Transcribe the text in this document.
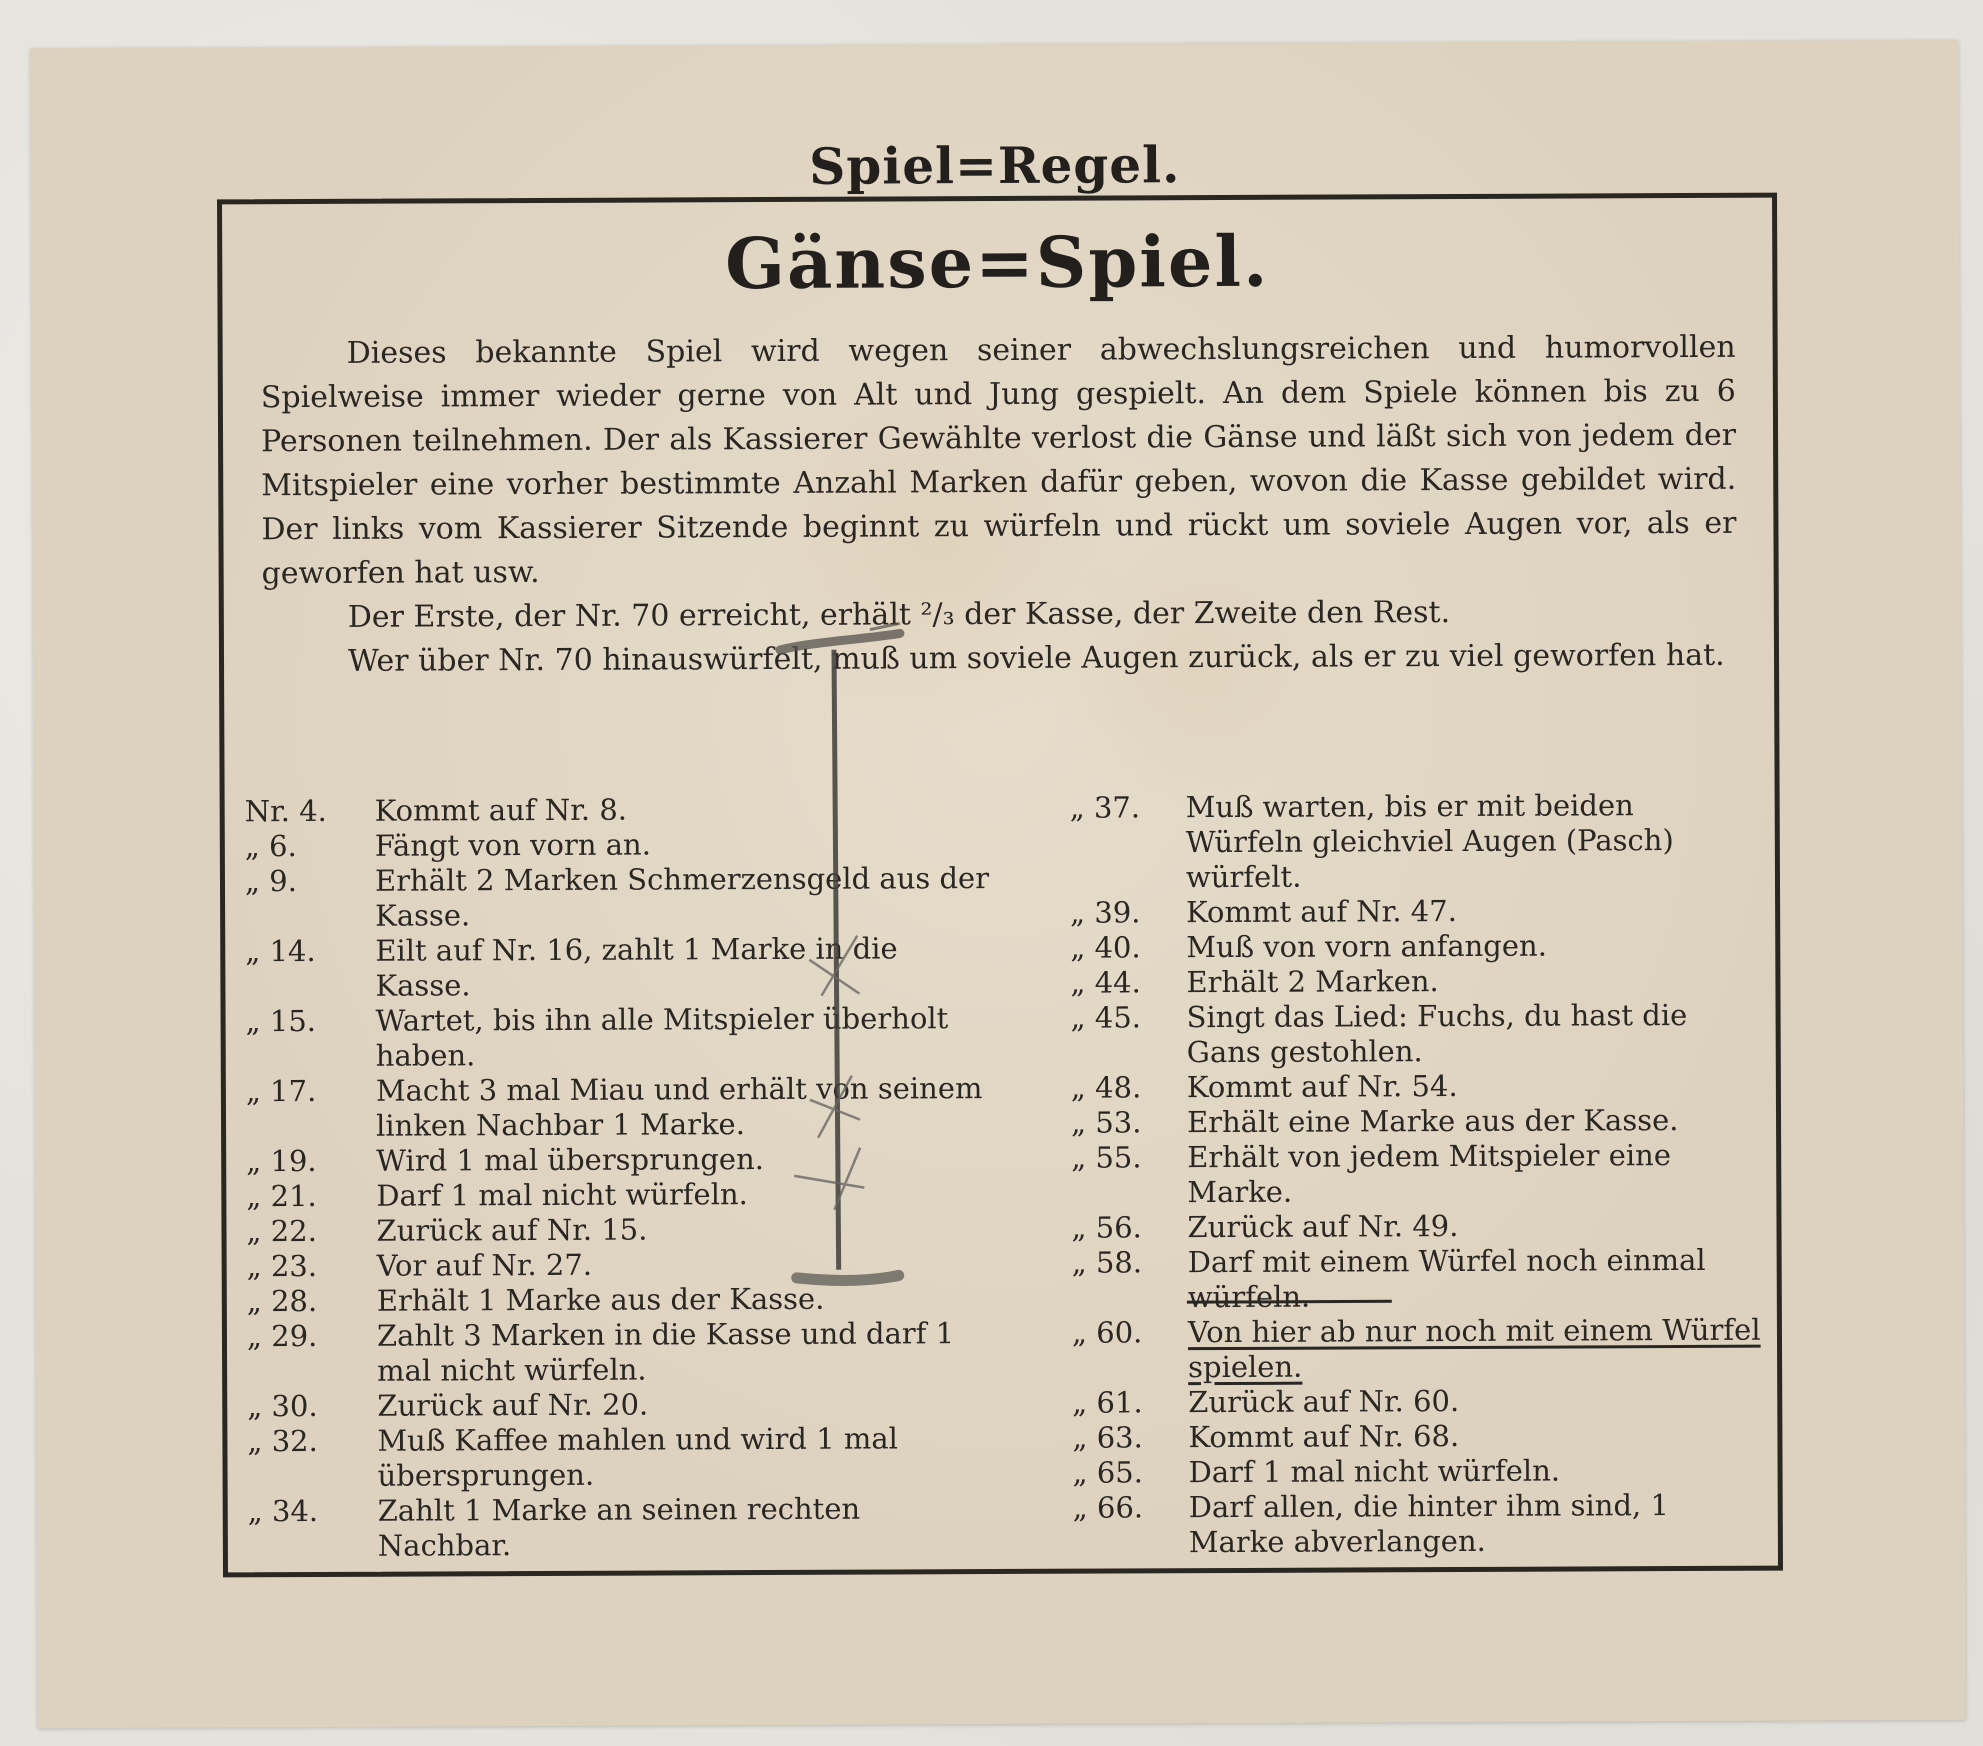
Spiel=Regel.
Gänse=Spiel.

Dieses bekannte Spiel wird wegen seiner abwechslungsreichen und humorvollen Spielweise immer wieder gerne von Alt und Jung gespielt. An dem Spiele können bis zu 6 Personen teilnehmen. Der als Kassierer Gewählte verlost die Gänse und läßt sich von jedem der Mitspieler eine vorher bestimmte Anzahl Marken dafür geben, wovon die Kasse gebildet wird. Der links vom Kassierer Sitzende beginnt zu würfeln und rückt um soviele Augen vor, als er geworfen hat usw.

Der Erste, der Nr. 70 erreicht, erhält ²/₃ der Kasse, der Zweite den Rest.

Wer über Nr. 70 hinauswürfelt, muß um soviele Augen zurück, als er zu viel geworfen hat.

Nr. 4.	Kommt auf Nr. 8.
„ 6.	Fängt von vorn an.
„ 9.	Erhält 2 Marken Schmerzensgeld aus der Kasse.
„ 14.	Eilt auf Nr. 16, zahlt 1 Marke in die Kasse.
„ 15.	Wartet, bis ihn alle Mitspieler überholt haben.
„ 17.	Macht 3 mal Miau und erhält von seinem linken Nachbar 1 Marke.
„ 19.	Wird 1 mal übersprungen.
„ 21.	Darf 1 mal nicht würfeln.
„ 22.	Zurück auf Nr. 15.
„ 23.	Vor auf Nr. 27.
„ 28.	Erhält 1 Marke aus der Kasse.
„ 29.	Zahlt 3 Marken in die Kasse und darf 1 mal nicht würfeln.
„ 30.	Zurück auf Nr. 20.
„ 32.	Muß Kaffee mahlen und wird 1 mal übersprungen.
„ 34.	Zahlt 1 Marke an seinen rechten Nachbar.
„ 37.	Muß warten, bis er mit beiden Würfeln gleichviel Augen (Pasch) würfelt.
„ 39.	Kommt auf Nr. 47.
„ 40.	Muß von vorn anfangen.
„ 44.	Erhält 2 Marken.
„ 45.	Singt das Lied: Fuchs, du hast die Gans gestohlen.
„ 48.	Kommt auf Nr. 54.
„ 53.	Erhält eine Marke aus der Kasse.
„ 55.	Erhält von jedem Mitspieler eine Marke.
„ 56.	Zurück auf Nr. 49.
„ 58.	Darf mit einem Würfel noch einmal würfeln.
„ 60.	Von hier ab nur noch mit einem Würfel spielen.
„ 61.	Zurück auf Nr. 60.
„ 63.	Kommt auf Nr. 68.
„ 65.	Darf 1 mal nicht würfeln.
„ 66.	Darf allen, die hinter ihm sind, 1 Marke abverlangen.
